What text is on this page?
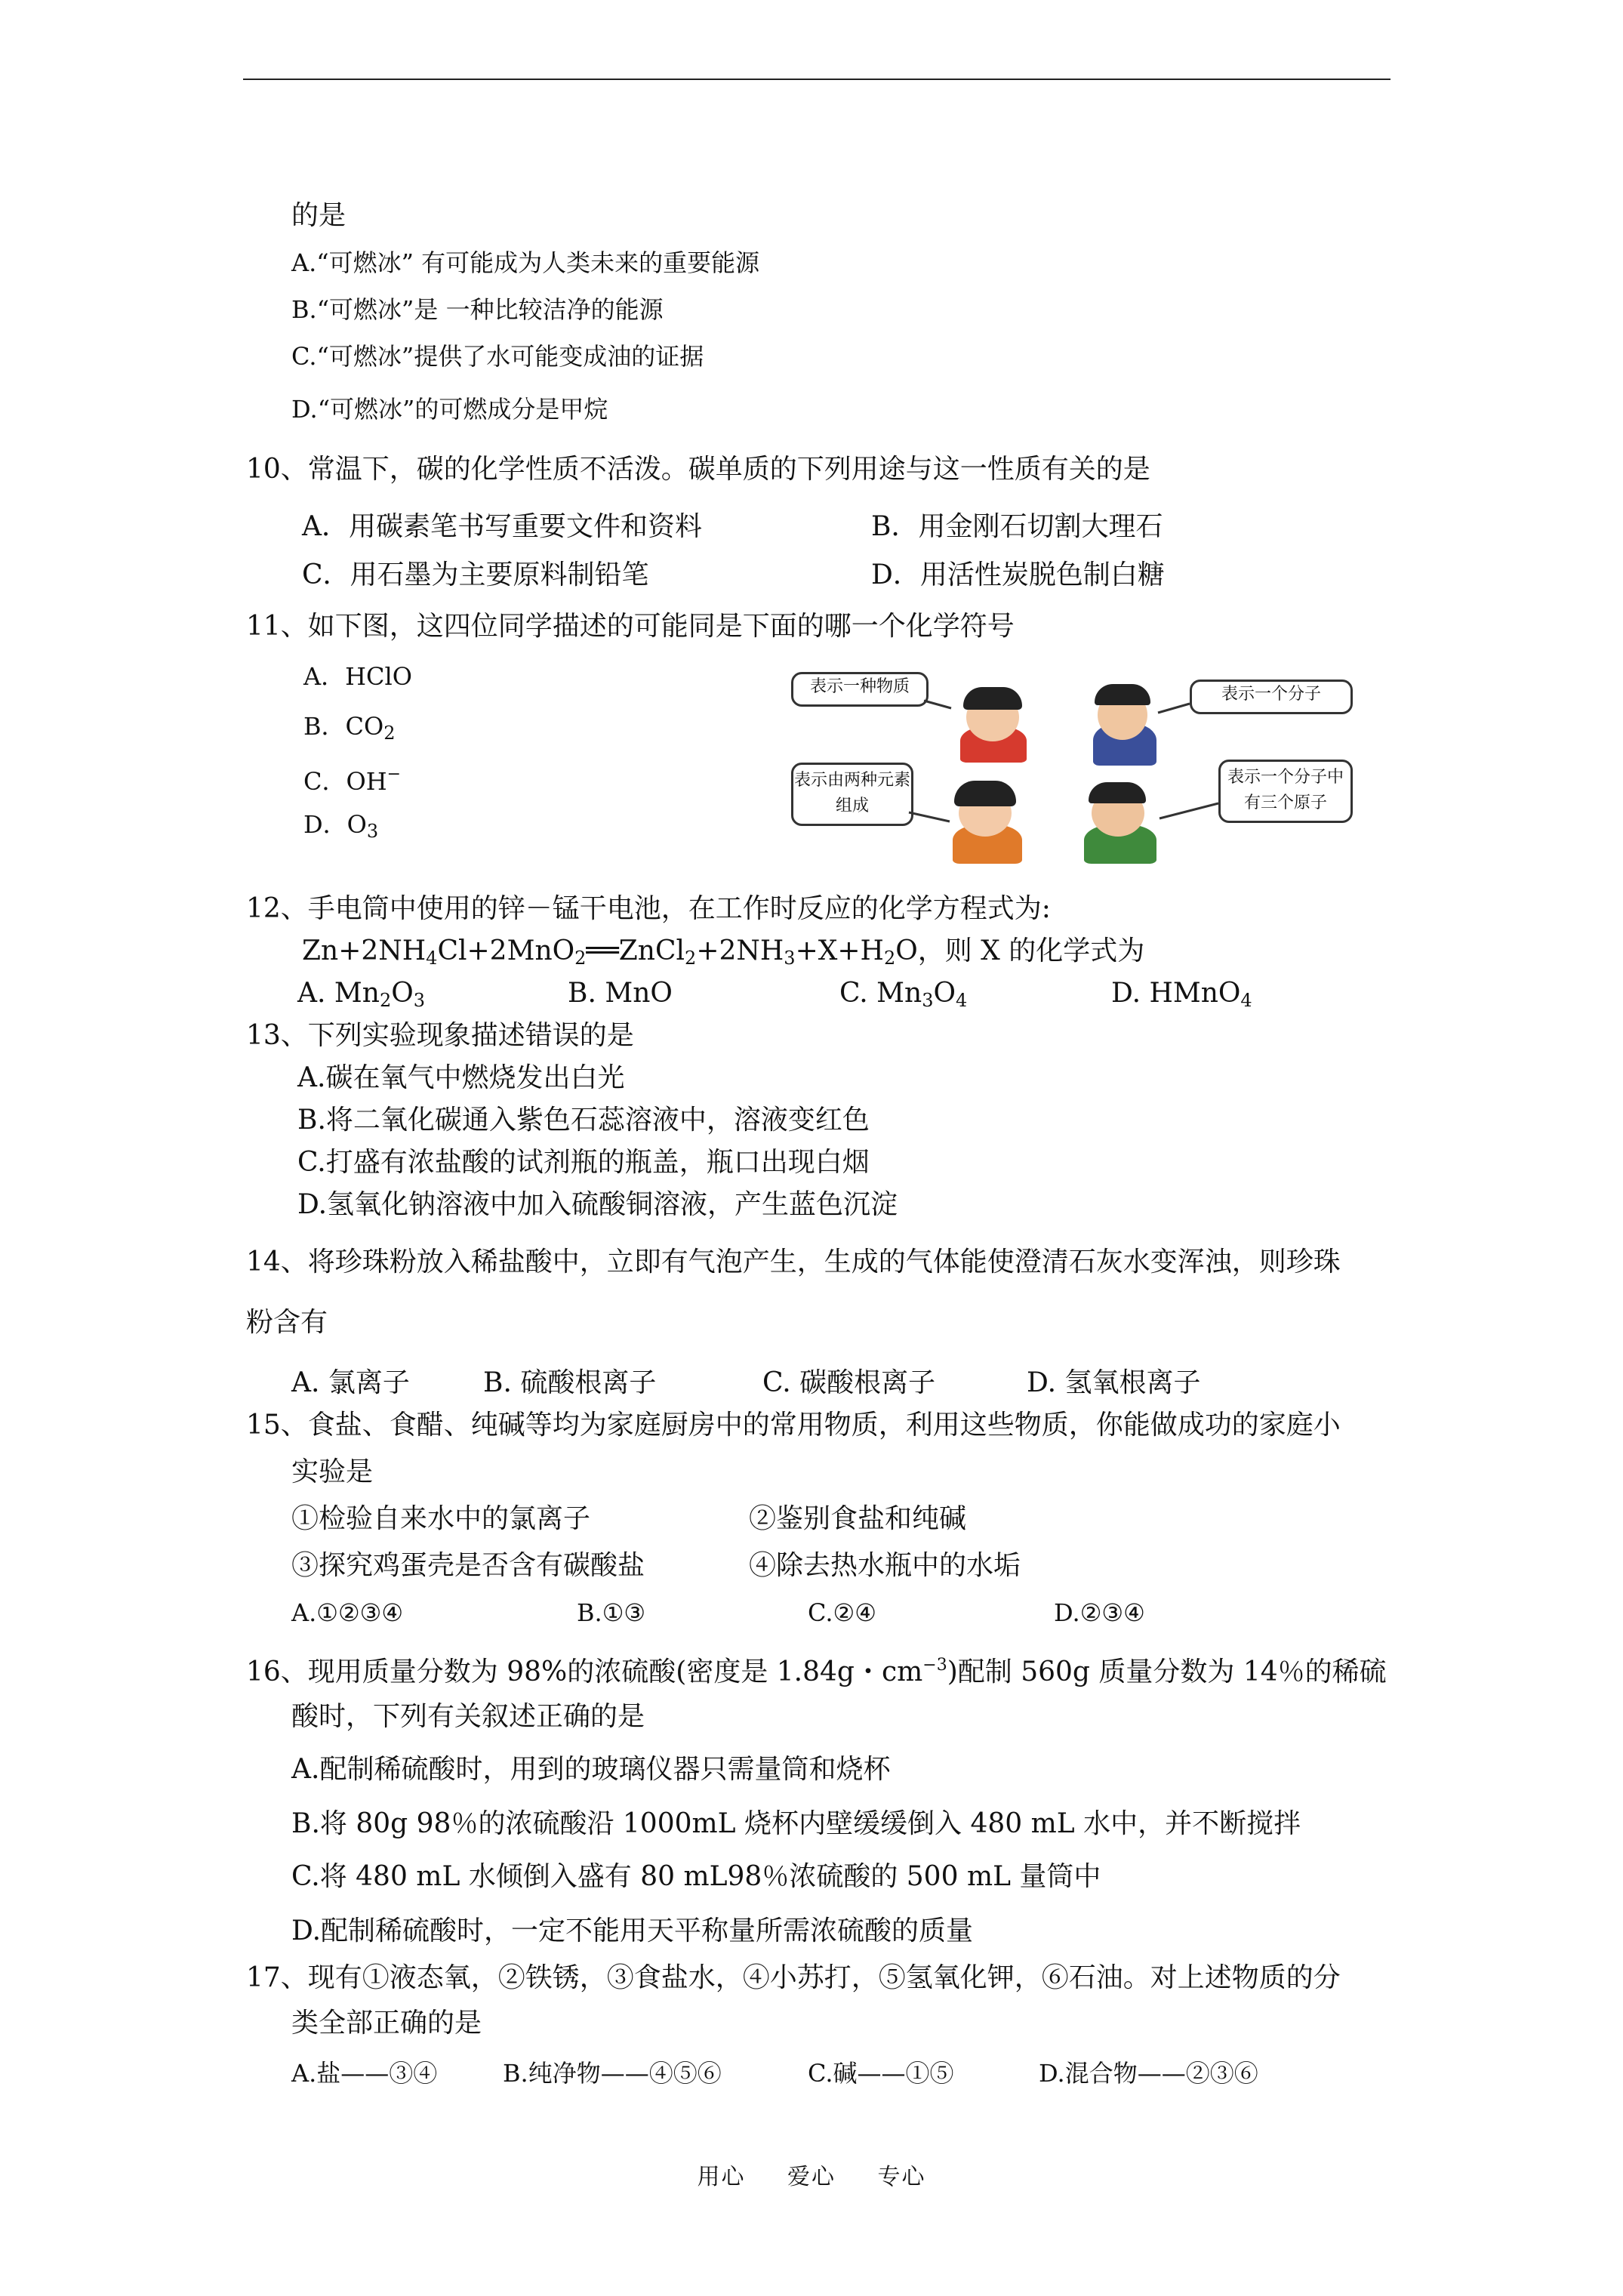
的是
A.“可燃冰” 有可能成为人类未来的重要能源
B.“可燃冰”是 一种比较洁净的能源
C.“可燃冰”提供了水可能变成油的证据
D.“可燃冰”的可燃成分是甲烷
10、常温下，碳的化学性质不活泼。碳单质的下列用途与这一性质有关的是
A．用碳素笔书写重要文件和资料	B．用金刚石切割大理石
C．用石墨为主要原料制铅笔	D．用活性炭脱色制白糖
11、如下图，这四位同学描述的可能同是下面的哪一个化学符号
A．HClO
B．$CO_2$
C．OH−
D．$O_3$
表示一种物质	表示一个分子
表示由两种元素组成
表示一个分子中有三个原子
12、手电筒中使用的锌－锰干电池，在工作时反应的化学方程式为:
$Zn+2NH_4Cl+2MnO_2══ZnCl_2+2NH_3+X+H_2O$，则 X 的化学式为
A. $Mn_2O_3$	B. MnO	C. $Mn_3O_4$	D. HMnO$_4$
13、下列实验现象描述错误的是
A.碳在氧气中燃烧发出白光
B.将二氧化碳通入紫色石蕊溶液中，溶液变红色
C.打盛有浓盐酸的试剂瓶的瓶盖，瓶口出现白烟
D.氢氧化钠溶液中加入硫酸铜溶液，产生蓝色沉淀
14、将珍珠粉放入稀盐酸中，立即有气泡产生，生成的气体能使澄清石灰水变浑浊，则珍珠
粉含有
A. 氯离子	B. 硫酸根离子	C. 碳酸根离子	D. 氢氧根离子
15、食盐、食醋、纯碱等均为家庭厨房中的常用物质，利用这些物质，你能做成功的家庭小
实验是
①检验自来水中的氯离子	②鉴别食盐和纯碱
③探究鸡蛋壳是否含有碳酸盐	④除去热水瓶中的水垢
A.①②③④	B.①③	C.②④	D.②③④
16、现用质量分数为 98%的浓硫酸(密度是 1.84g・$cm^{-3}$)配制 560g 质量分数为 14％的稀硫
酸时，下列有关叙述正确的是
A.配制稀硫酸时，用到的玻璃仪器只需量筒和烧杯
B.将 80g 98％的浓硫酸沿 1000mL 烧杯内壁缓缓倒入 480 mL 水中，并不断搅拌
C.将 480 mL 水倾倒入盛有 80 mL98％浓硫酸的 500 mL 量筒中
D.配制稀硫酸时，一定不能用天平称量所需浓硫酸的质量
17、现有①液态氧，②铁锈，③食盐水，④小苏打，⑤氢氧化钾，⑥石油。对上述物质的分
类全部正确的是
A.盐——③④	B.纯净物——④⑤⑥	C.碱——①⑤	D.混合物——②③⑥
用心 爱心 专心
